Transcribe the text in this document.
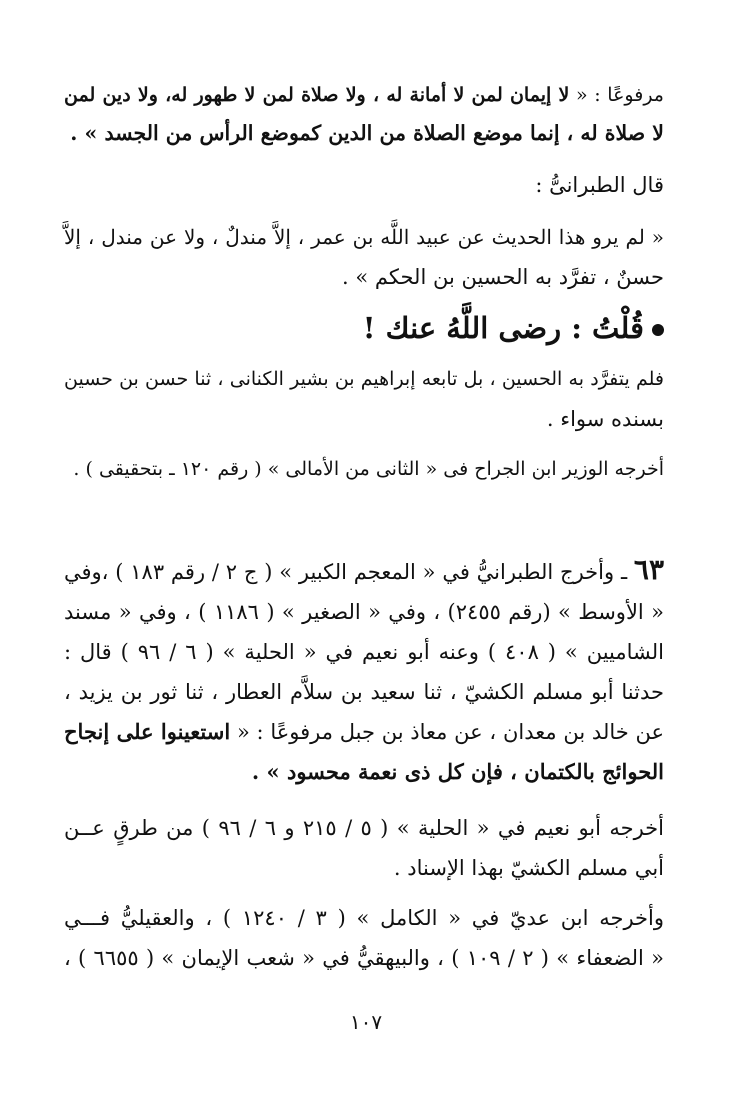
مرفوعًا : « لا إيمان لمن لا أمانة له ، ولا صلاة لمن لا طهور له، ولا دين لمن
لا صلاة له ، إنما موضع الصلاة من الدين كموضع الرأس من الجسد » .
قال الطبرانىُّ :
« لم يرو هذا الحديث عن عبيد اللَّه بن عمر ، إلاَّ مندلٌ ، ولا عن مندل ، إلاَّ
حسنٌ ، تفرَّد به الحسين بن الحكم » .
قُلْتُ : رضى اللَّهُ عنك !
فلم يتفرَّد به الحسين ، بل تابعه إبراهيم بن بشير الكنانى ، ثنا حسن بن حسين
بسنده سواء .
أخرجه الوزير ابن الجراح فى « الثانى من الأمالى » ( رقم ١٢٠ ـ بتحقيقى ) .
٦٣ ـ وأخرج الطبرانيُّ في « المعجم الكبير » ( ج ٢ / رقم ١٨٣ ) ،وفي
« الأوسط » (رقم ٢٤٥٥) ، وفي « الصغير » ( ١١٨٦ ) ، وفي « مسند
الشاميين » ( ٤٠٨ ) وعنه أبو نعيم في « الحلية » ( ٦ / ٩٦ ) قال :
حدثنا أبو مسلم الكشيّ ، ثنا سعيد بن سلاَّم العطار ، ثنا ثور بن يزيد ،
عن خالد بن معدان ، عن معاذ بن جبل مرفوعًا : « استعينوا على إنجاح
الحوائج بالكتمان ، فإن كل ذى نعمة محسود » .
أخرجه أبو نعيم في « الحلية » ( ٥ / ٢١٥ و ٦ / ٩٦ ) من طرقٍ عــن
أبي مسلم الكشيّ بهذا الإسناد .
وأخرجه ابن عديّ في « الكامل » ( ٣ / ١٢٤٠ ) ، والعقيليُّ فـــي
« الضعفاء » ( ٢ / ١٠٩ ) ، والبيهقيُّ في « شعب الإيمان » ( ٦٦٥٥ ) ،
١٠٧
